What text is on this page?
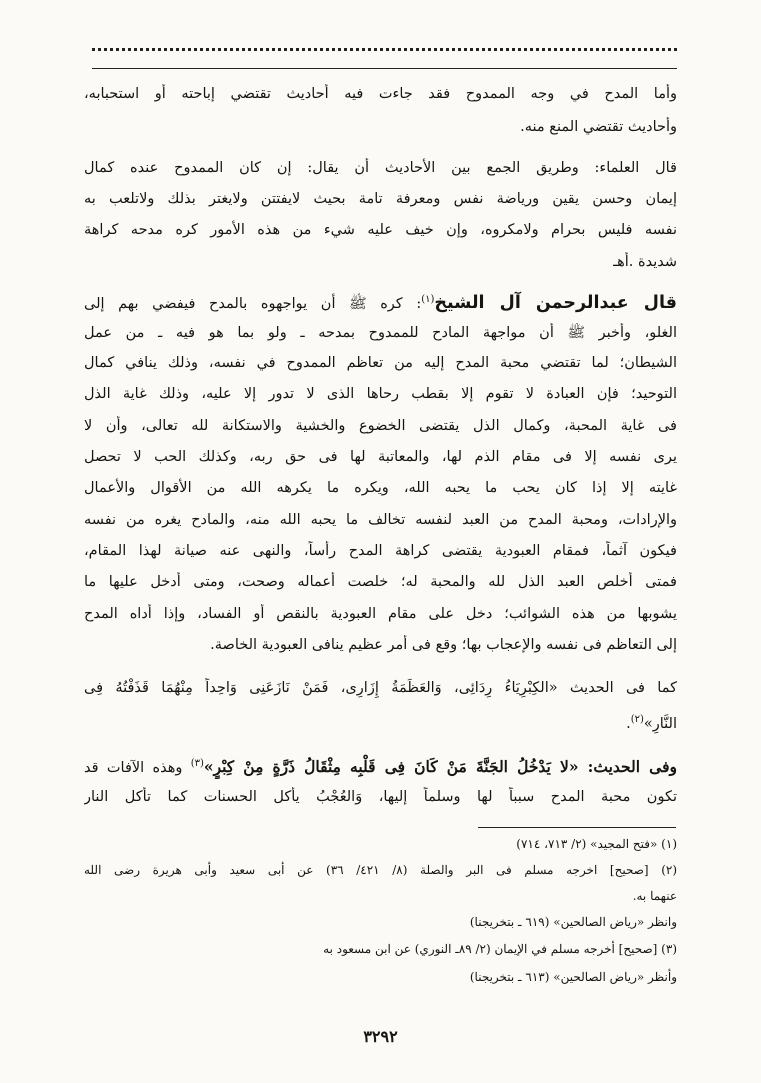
وأما المدح في وجه الممدوح فقد جاءت فيه أحاديث تقتضي إباحته أو استحبابه،
وأحاديث تقتضي المنع منه.
قال العلماء: وطريق الجمع بين الأحاديث أن يقال: إن كان الممدوح عنده كمال
إيمان وحسن يقين ورياضة نفس ومعرفة تامة بحيث لايفتتن ولايغتر بذلك ولاتلعب به
نفسه فليس بحرام ولامكروه، وإن خيف عليه شيء من هذه الأمور كره مدحه كراهة
شديدة .أهـ
قال عبدالرحمن آل الشيخ$^{(١)}$: كره ﷺ أن يواجهوه بالمدح فيفضي بهم إلى
الغلو، وأخبر ﷺ أن مواجهة المادح للممدوح بمدحه ـ ولو بما هو فيه ـ من عمل
الشيطان؛ لما تقتضي محبة المدح إليه من تعاظم الممدوح في نفسه، وذلك ينافي كمال
التوحيد؛ فإن العبادة لا تقوم إلا بقطب رحاها الذى لا تدور إلا عليه، وذلك غاية الذل
فى غاية المحبة، وكمال الذل يقتضى الخضوع والخشية والاستكانة لله تعالى، وأن لا
يرى نفسه إلا فى مقام الذم لها، والمعاتبة لها فى حق ربه، وكذلك الحب لا تحصل
غايته إلا إذا كان يحب ما يحبه الله، ويكره ما يكرهه الله من الأقوال والأعمال
والإرادات، ومحبة المدح من العبد لنفسه تخالف ما يحبه الله منه، والمادح يغره من نفسه
فيكون آثماً، فمقام العبودية يقتضى كراهة المدح رأساً، والنهى عنه صيانة لهذا المقام،
فمتى أخلص العبد الذل لله والمحبة له؛ خلصت أعماله وصحت، ومتى أدخل عليها ما
يشوبها من هذه الشوائب؛ دخل على مقام العبودية بالنقص أو الفساد، وإذا أداه المدح
إلى التعاظم فى نفسه والإعجاب بها؛ وقع فى أمر عظيم ينافى العبودية الخاصة.
كما فى الحديث «الكِبْرِيَاءُ رِدَائِى، وَالعَظَمَةُ إِزَارِى، فَمَنْ نَازَعَنِى وَاحِداً مِنْهُمَا قَذَفْتُهُ فِى
النَّارِ»$^{(٢)}$.
وفى الحديث: «لا يَدْخُلُ الجَنَّةَ مَنْ كَانَ فِى قَلْبِه مِثْقَالُ ذَرَّةٍ مِنْ كِبْرٍ»$^{(٣)}$ وهذه الآفات قد
تكون محبة المدح سبباً لها وسلماً إليها، وَالعُجْبُ يأكل الحسنات كما تأكل النار
(١) «فتح المجيد» (٢/ ٧١٣، ٧١٤)
(٢) [صحيح] اخرجه مسلم فى البر والصلة (٨/ ٤٢١/ ٣٦) عن أبى سعيد وأبى هريرة رضى الله
عنهما به.
وانظر «رياض الصالحين» (٦١٩ ـ بتخريجنا)
(٣) [صحيح] أخرجه مسلم في الإيمان (٢/ ٨٩ـ النوري) عن ابن مسعود به
وأنظر «رياض الصالحين» (٦١٣ ـ بتخريجنا)
٣٢٩٢
